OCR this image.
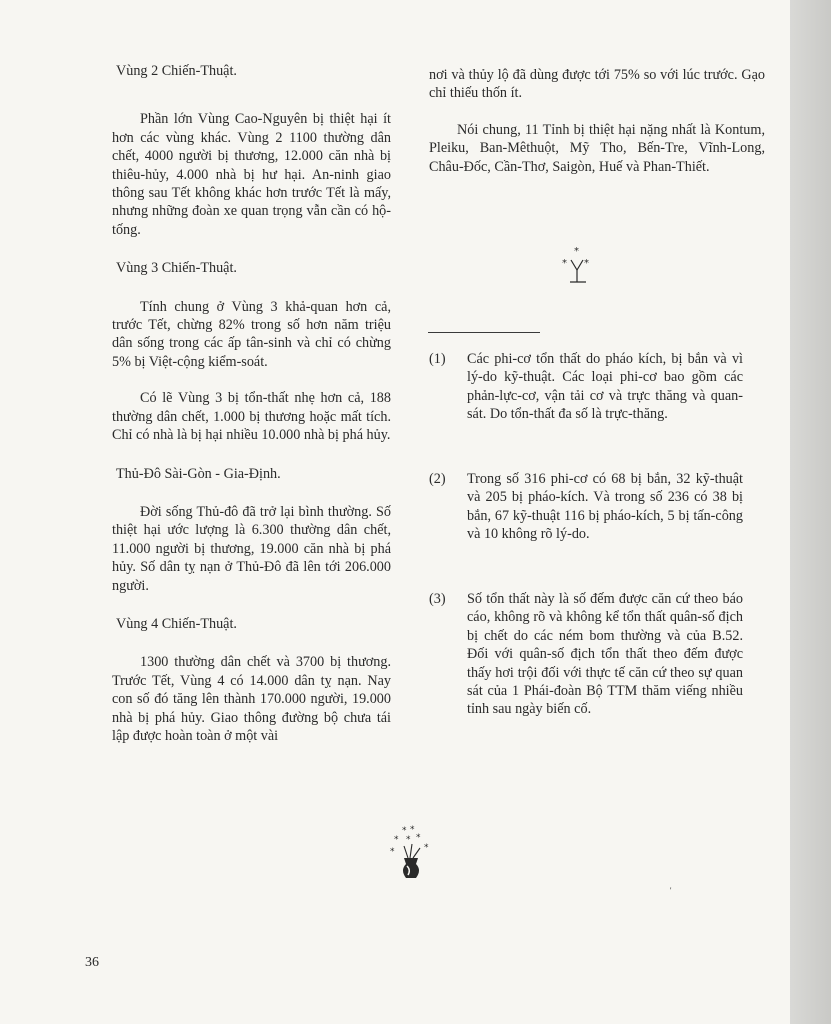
Vùng 2 Chiến-Thuật.

Phần lớn Vùng Cao-Nguyên bị thiệt hại ít hơn các vùng khác. Vùng 2 1100 thường dân chết, 4000 người bị thương, 12.000 căn nhà bị thiêu-hủy, 4.000 nhà bị hư hại. An-ninh giao thông sau Tết không khác hơn trước Tết là mấy, nhưng những đoàn xe quan trọng vẫn cần có hộ-tống.

Vùng 3 Chiến-Thuật.

Tính chung ở Vùng 3 khả-quan hơn cả, trước Tết, chừng 82% trong số hơn năm triệu dân sống trong các ấp tân-sinh và chỉ có chừng 5% bị Việt-cộng kiểm-soát.

Có lẽ Vùng 3 bị tổn-thất nhẹ hơn cả, 188 thường dân chết, 1.000 bị thương hoặc mất tích. Chỉ có nhà là bị hại nhiều 10.000 nhà bị phá hủy.

Thủ-Đô Sài-Gòn - Gia-Định.

Đời sống Thủ-đô đã trở lại bình thường. Số thiệt hại ước lượng là 6.300 thường dân chết, 11.000 người bị thương, 19.000 căn nhà bị phá hủy. Số dân tỵ nạn ở Thủ-Đô đã lên tới 206.000 người.

Vùng 4 Chiến-Thuật.

1300 thường dân chết và 3700 bị thương. Trước Tết, Vùng 4 có 14.000 dân tỵ nạn. Nay con số đó tăng lên thành 170.000 người, 19.000 nhà bị phá hủy. Giao thông đường bộ chưa tái lập được hoàn toàn ở một vài

nơi và thủy lộ đã dùng được tới 75% so với lúc trước. Gạo chỉ thiếu thốn ít.

Nói chung, 11 Tỉnh bị thiệt hại nặng nhất là Kontum, Pleiku, Ban-Mêthuột, Mỹ Tho, Bến-Tre, Vĩnh-Long, Châu-Đốc, Cần-Thơ, Saigòn, Huế và Phan-Thiết.

*
* *
(1) Các phi-cơ tổn thất do pháo kích, bị bắn và vì lý-do kỹ-thuật. Các loại phi-cơ bao gồm các phản-lực-cơ, vận tải cơ và trực thăng và quan-sát. Do tổn-thất đa số là trực-thăng.
(2) Trong số 316 phi-cơ có 68 bị bắn, 32 kỹ-thuật và 205 bị pháo-kích. Và trong số 236 có 38 bị bắn, 67 kỹ-thuật 116 bị pháo-kích, 5 bị tấn-công và 10 không rõ lý-do.
(3) Số tổn thất này là số đếm được căn cứ theo báo cáo, không rõ và không kể tổn thất quân-số địch bị chết do các ném bom thường và của B.52. Đối với quân-số địch tổn thất theo đếm được thấy hơi trội đối với thực tế căn cứ theo sự quan sát của 1 Phái-đoàn Bộ TTM thăm viếng nhiều tỉnh sau ngày biến cố.
* *
* * *
*
*
'
36
